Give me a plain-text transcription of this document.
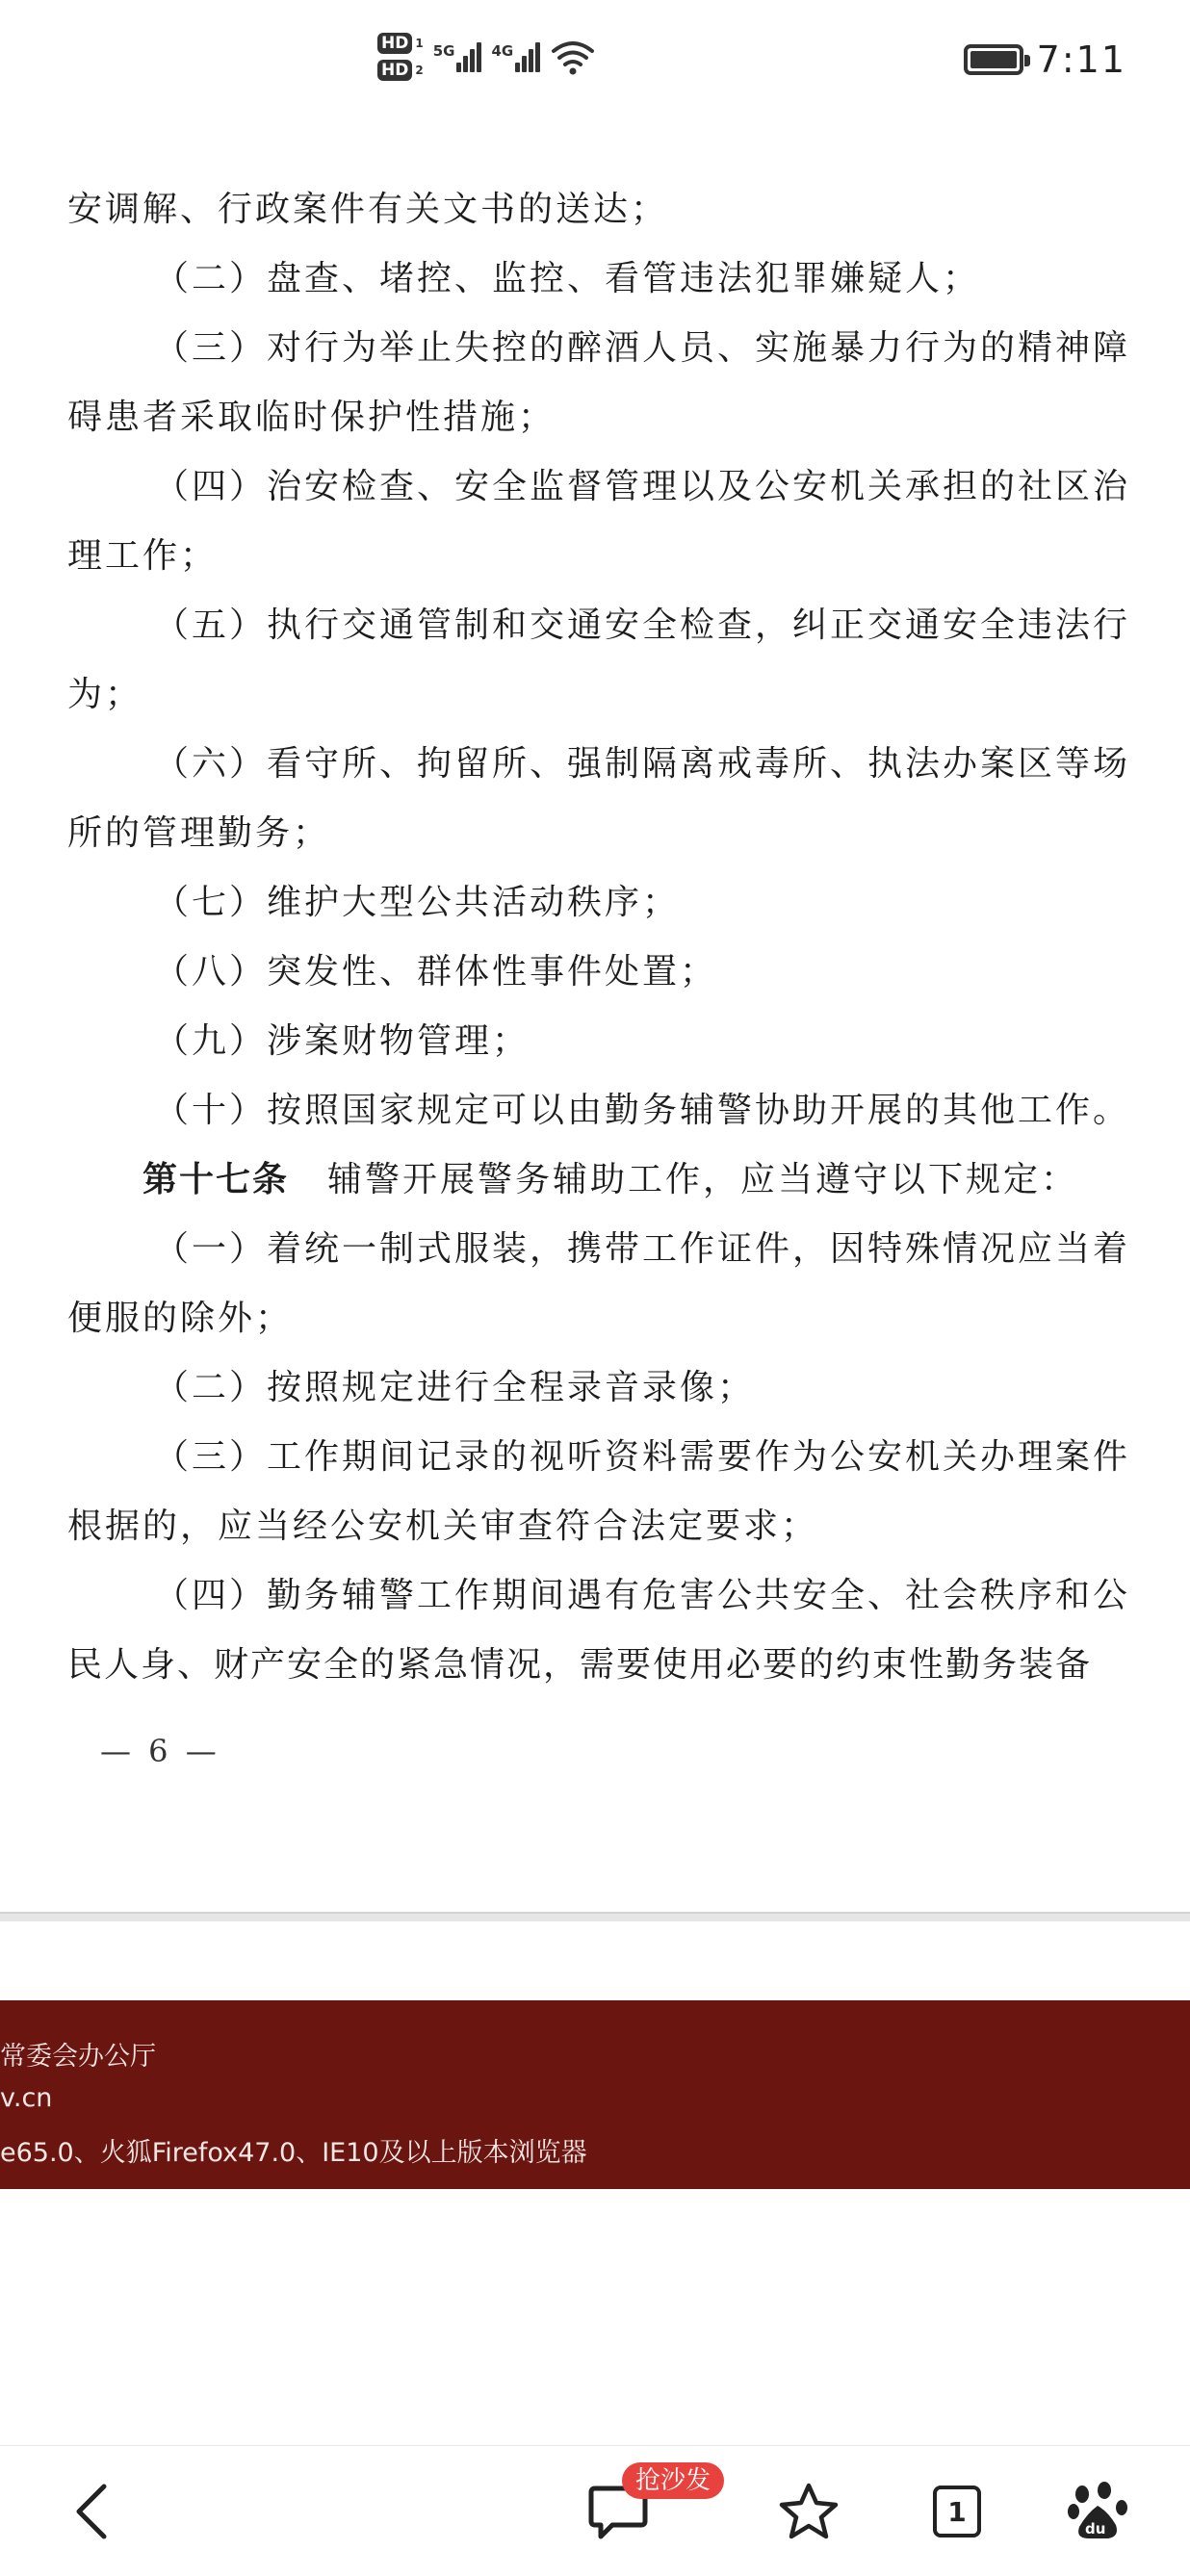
HD 1
HD 2
5G	4G	7:11
安调解、行政案件有关文书的送达；
（二）盘查、堵控、监控、看管违法犯罪嫌疑人；
（三）对行为举止失控的醉酒人员、实施暴力行为的精神障
碍患者采取临时保护性措施；
（四）治安检查、安全监督管理以及公安机关承担的社区治
理工作；
（五）执行交通管制和交通安全检查，纠正交通安全违法行
为；
（六）看守所、拘留所、强制隔离戒毒所、执法办案区等场
所的管理勤务；
（七）维护大型公共活动秩序；
（八）突发性、群体性事件处置；
（九）涉案财物管理；
（十）按照国家规定可以由勤务辅警协助开展的其他工作。
第十七条 辅警开展警务辅助工作，应当遵守以下规定：
（一）着统一制式服装，携带工作证件，因特殊情况应当着
便服的除外；
（二）按照规定进行全程录音录像；
（三）工作期间记录的视听资料需要作为公安机关办理案件
根据的，应当经公安机关审查符合法定要求；
（四）勤务辅警工作期间遇有危害公共安全、社会秩序和公
民人身、财产安全的紧急情况，需要使用必要的约束性勤务装备
— 6 —
常委会办公厅
v.cn
e65.0、火狐Firefox47.0、IE10及以上版本浏览器
1
du
抢沙发
